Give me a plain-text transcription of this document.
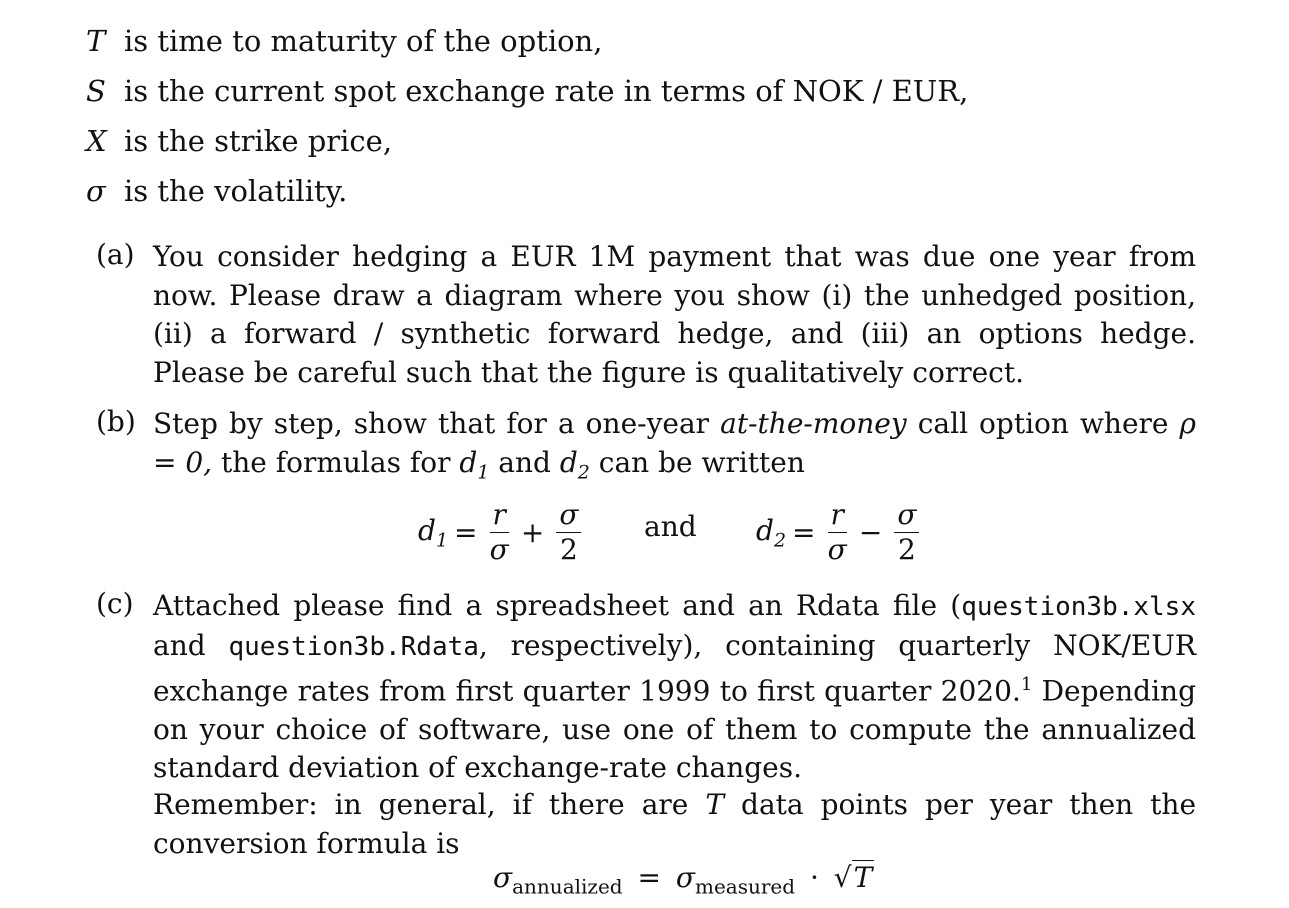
T is time to maturity of the option,
S is the current spot exchange rate in terms of NOK / EUR,
X is the strike price,
σ is the volatility.
(a) You consider hedging a EUR 1M payment that was due one year from now. Please draw a diagram where you show (i) the unhedged position, (ii) a forward / synthetic forward hedge, and (iii) an options hedge. Please be careful such that the figure is qualitatively correct.
(b) Step by step, show that for a one-year at-the-money call option where ρ = 0, the formulas for $d_1$ and $d_2$ can be written
$d_1 = \frac{r}{\sigma} + \frac{\sigma}{2}$ and $d_2 = \frac{r}{\sigma} - \frac{\sigma}{2}$
(c) Attached please find a spreadsheet and an Rdata file (question3b.xlsx and question3b.Rdata, respectively), containing quarterly NOK/EUR exchange rates from first quarter 1999 to first quarter 2020.$^1$ Depending on your choice of software, use one of them to compute the annualized standard deviation of exchange-rate changes.
Remember: in general, if there are T data points per year then the conversion formula is
$\sigma_{annualized} = \sigma_{measured} \cdot √T$
